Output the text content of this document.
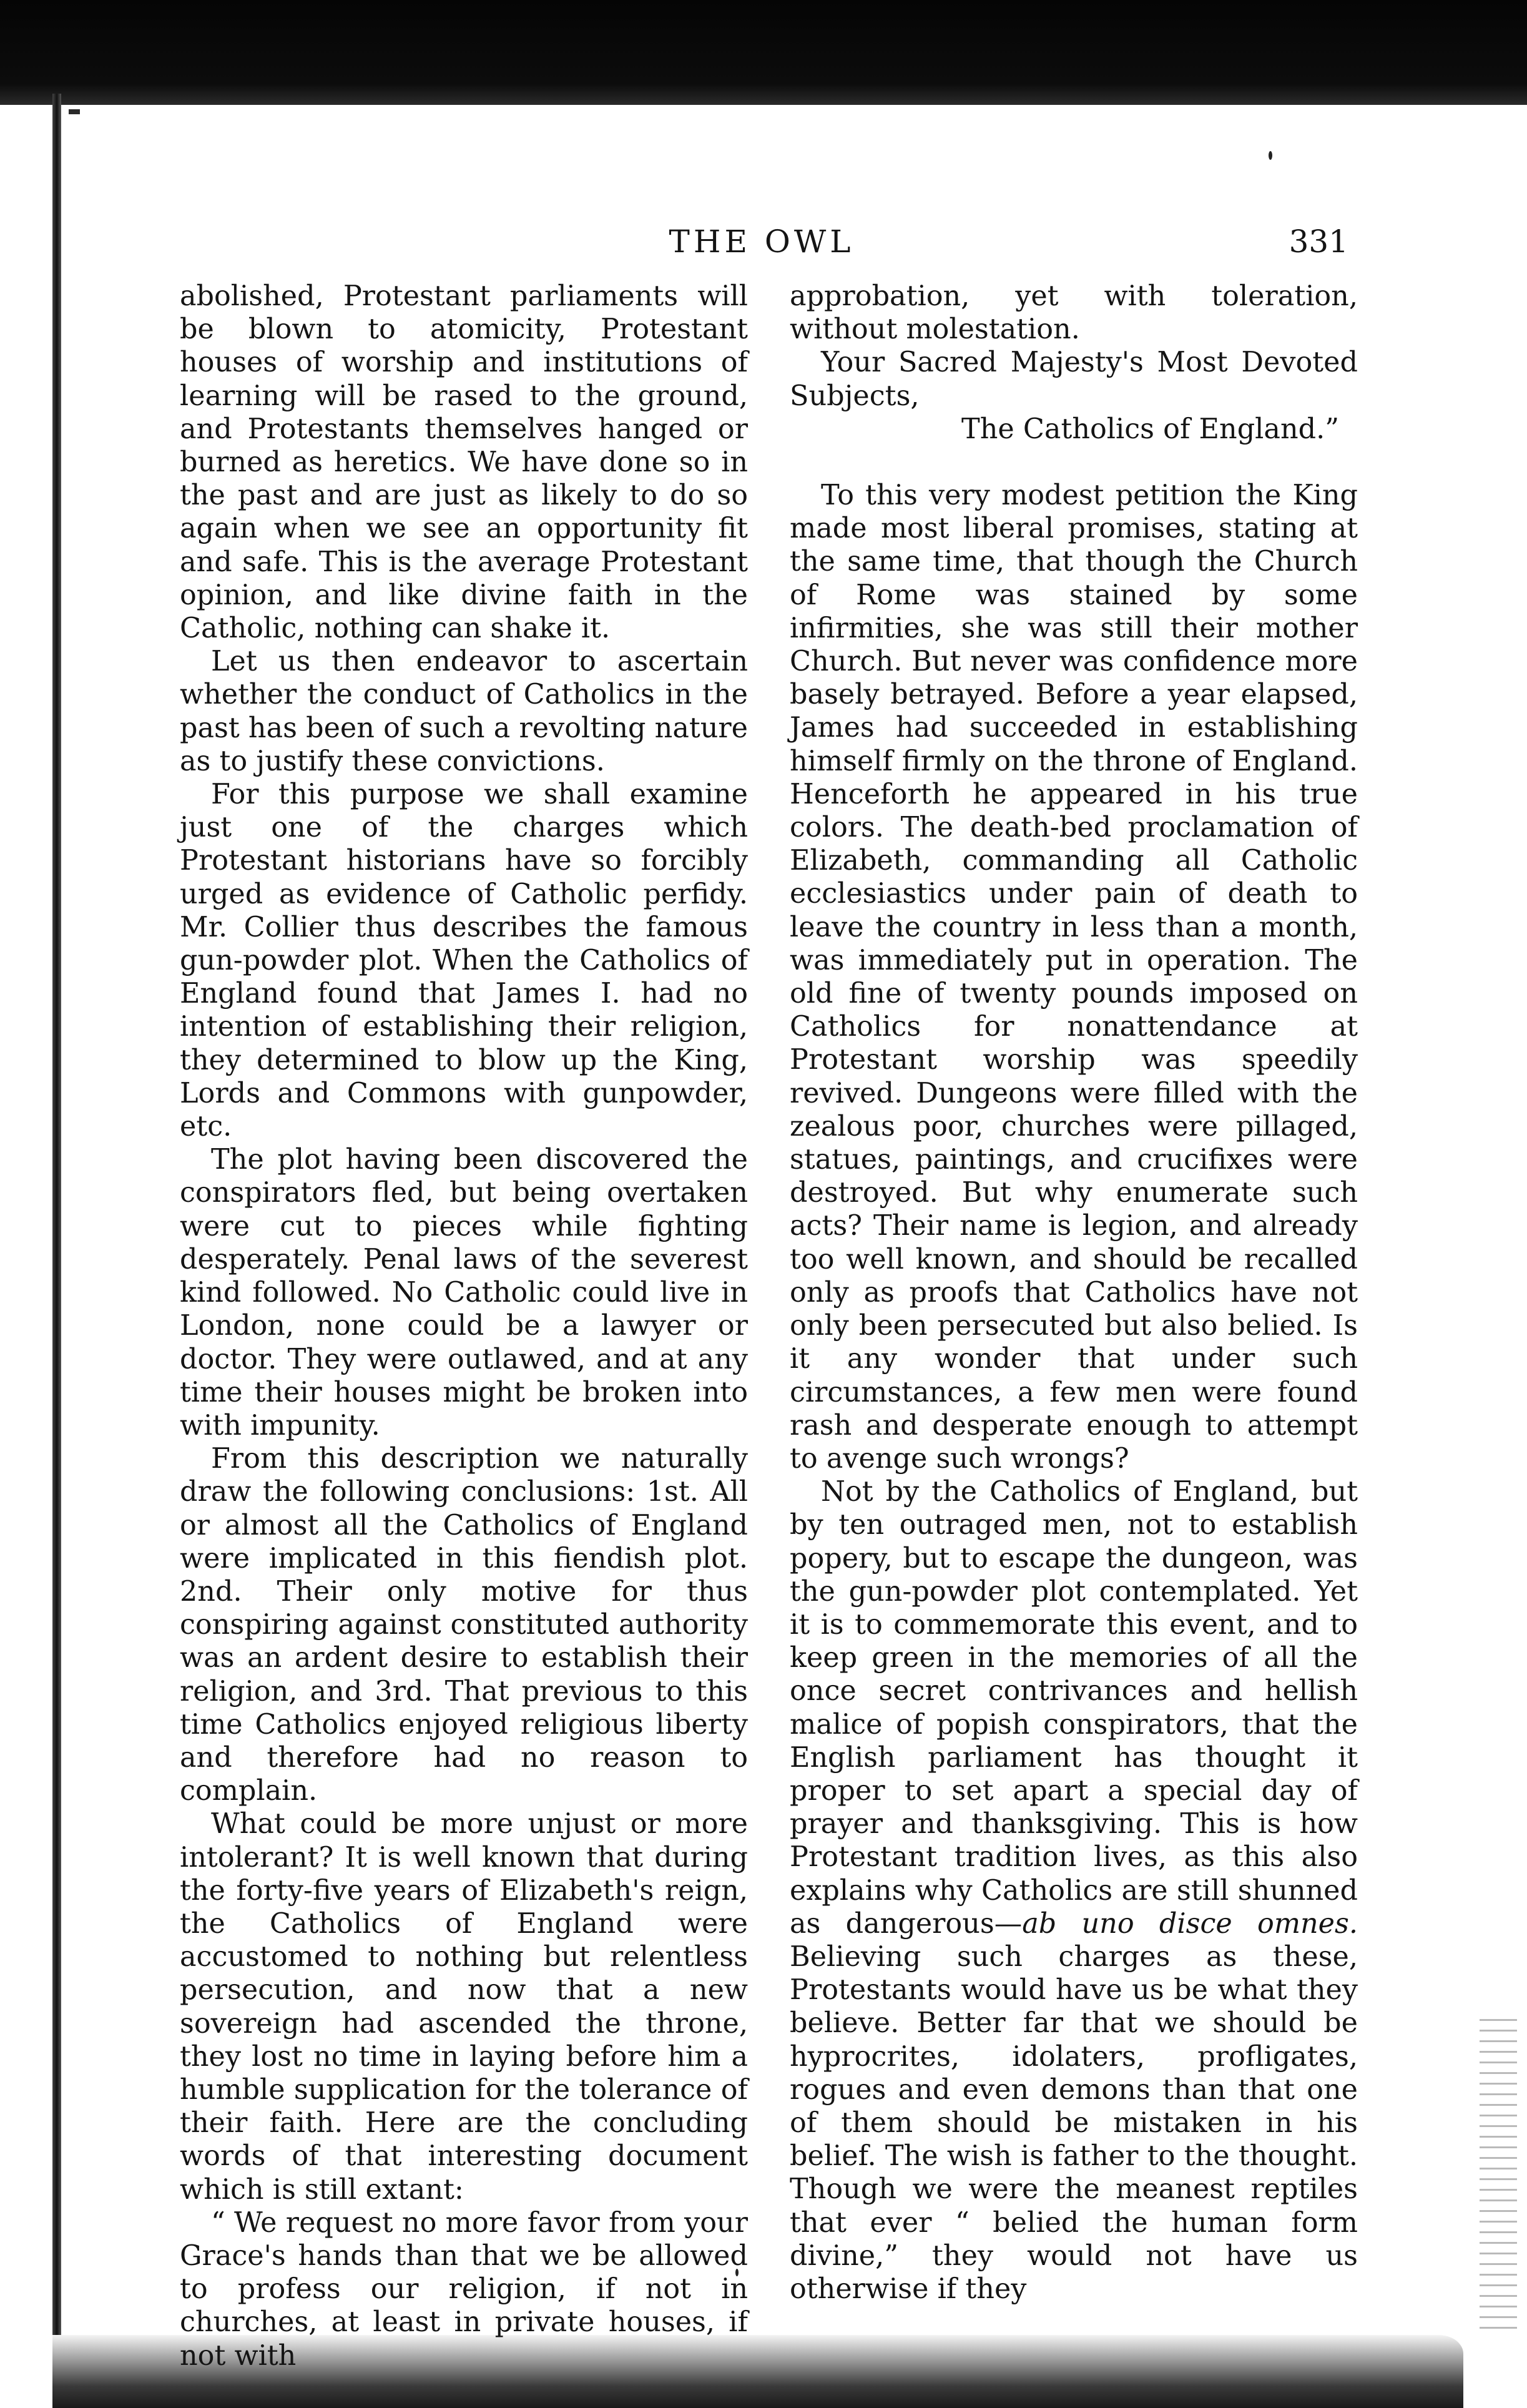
THE OWL	331

abolished, Protestant parliaments will be blown to atomicity, Protestant houses of worship and institutions of learning will be rased to the ground, and Protestants themselves hanged or burned as heretics. We have done so in the past and are just as likely to do so again when we see an opportunity fit and safe. This is the average Protestant opinion, and like divine faith in the Catholic, nothing can shake it.

Let us then endeavor to ascertain whether the conduct of Catholics in the past has been of such a revolting nature as to justify these convictions.

For this purpose we shall examine just one of the charges which Protestant historians have so forcibly urged as evidence of Catholic perfidy. Mr. Collier thus describes the famous gun-powder plot. When the Catholics of England found that James I. had no intention of establishing their religion, they determined to blow up the King, Lords and Commons with gunpowder, etc.

The plot having been discovered the conspirators fled, but being overtaken were cut to pieces while fighting desperately. Penal laws of the severest kind followed. No Catholic could live in London, none could be a lawyer or doctor. They were outlawed, and at any time their houses might be broken into with impunity.

From this description we naturally draw the following conclusions: 1st. All or almost all the Catholics of England were implicated in this fiendish plot. 2nd. Their only motive for thus conspiring against constituted authority was an ardent desire to establish their religion, and 3rd. That previous to this time Catholics enjoyed religious liberty and therefore had no reason to complain.

What could be more unjust or more intolerant? It is well known that during the forty-five years of Elizabeth's reign, the Catholics of England were accustomed to nothing but relentless persecution, and now that a new sovereign had ascended the throne, they lost no time in laying before him a humble supplication for the tolerance of their faith. Here are the concluding words of that interesting document which is still extant:

“ We request no more favor from your Grace's hands than that we be allowed to profess our religion, if not in churches, at least in private houses, if not with

approbation, yet with toleration, without molestation.

Your Sacred Majesty's Most Devoted Subjects,

The Catholics of England.”

To this very modest petition the King made most liberal promises, stating at the same time, that though the Church of Rome was stained by some infirmities, she was still their mother Church. But never was confidence more basely betrayed. Before a year elapsed, James had succeeded in establishing himself firmly on the throne of England. Henceforth he appeared in his true colors. The death-bed proclamation of Elizabeth, commanding all Catholic ecclesiastics under pain of death to leave the country in less than a month, was immediately put in operation. The old fine of twenty pounds imposed on Catholics for nonattendance at Protestant worship was speedily revived. Dungeons were filled with the zealous poor, churches were pillaged, statues, paintings, and crucifixes were destroyed. But why enumerate such acts? Their name is legion, and already too well known, and should be recalled only as proofs that Catholics have not only been persecuted but also belied. Is it any wonder that under such circumstances, a few men were found rash and desperate enough to attempt to avenge such wrongs?

Not by the Catholics of England, but by ten outraged men, not to establish popery, but to escape the dungeon, was the gun-powder plot contemplated. Yet it is to commemorate this event, and to keep green in the memories of all the once secret contrivances and hellish malice of popish conspirators, that the English parliament has thought it proper to set apart a special day of prayer and thanksgiving. This is how Protestant tradition lives, as this also explains why Catholics are still shunned as dangerous—ab uno disce omnes. Believing such charges as these, Protestants would have us be what they believe. Better far that we should be hyprocrites, idolaters, profligates, rogues and even demons than that one of them should be mistaken in his belief. The wish is father to the thought. Though we were the meanest reptiles that ever “ belied the human form divine,” they would not have us otherwise if they
